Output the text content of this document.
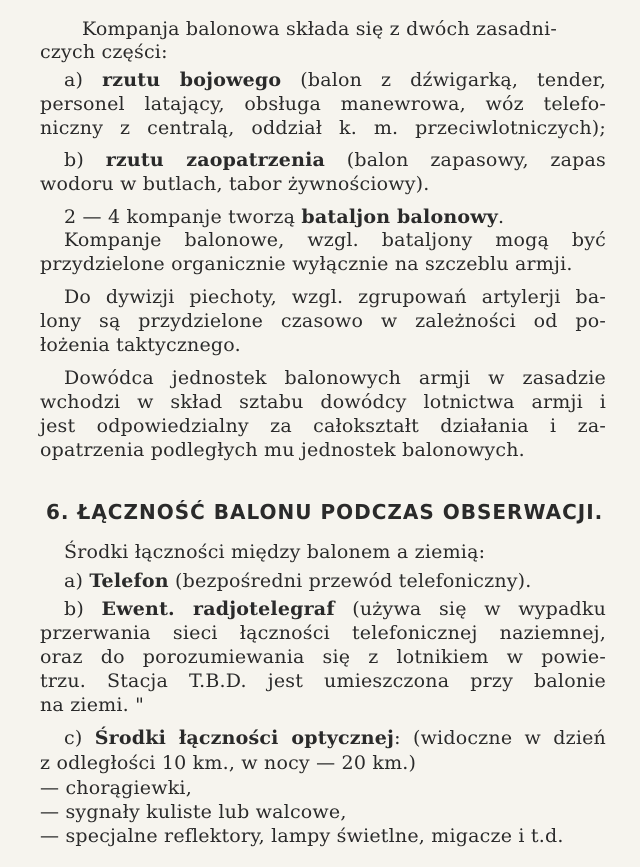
Kompanja balonowa składa się z dwóch zasadni-
czych części:
a) rzutu bojowego (balon z dźwigarką, tender,
personel latający, obsługa manewrowa, wóz telefo-
niczny z centralą, oddział k. m. przeciwlotniczych);
b) rzutu zaopatrzenia (balon zapasowy, zapas
wodoru w butlach, tabor żywnościowy).
2 — 4 kompanje tworzą bataljon balonowy.
Kompanje balonowe, wzgl. bataljony mogą być
przydzielone organicznie wyłącznie na szczeblu armji.
Do dywizji piechoty, wzgl. zgrupowań artylerji ba-
lony są przydzielone czasowo w zależności od po-
łożenia taktycznego.
Dowódca jednostek balonowych armji w zasadzie
wchodzi w skład sztabu dowódcy lotnictwa armji i
jest odpowiedzialny za całokształt działania i za-
opatrzenia podległych mu jednostek balonowych.
6. ŁĄCZNOŚĆ BALONU PODCZAS OBSERWACJI.
Środki łączności między balonem a ziemią:
a) Telefon (bezpośredni przewód telefoniczny).
b) Ewent. radjotelegraf (używa się w wypadku
przerwania sieci łączności telefonicznej naziemnej,
oraz do porozumiewania się z lotnikiem w powie-
trzu. Stacja T.B.D. jest umieszczona przy balonie
na ziemi. "
c) Środki łączności optycznej: (widoczne w dzień
z odległości 10 km., w nocy — 20 km.)
— chorągiewki,
— sygnały kuliste lub walcowe,
— specjalne reflektory, lampy świetlne, migacze i t.d.
